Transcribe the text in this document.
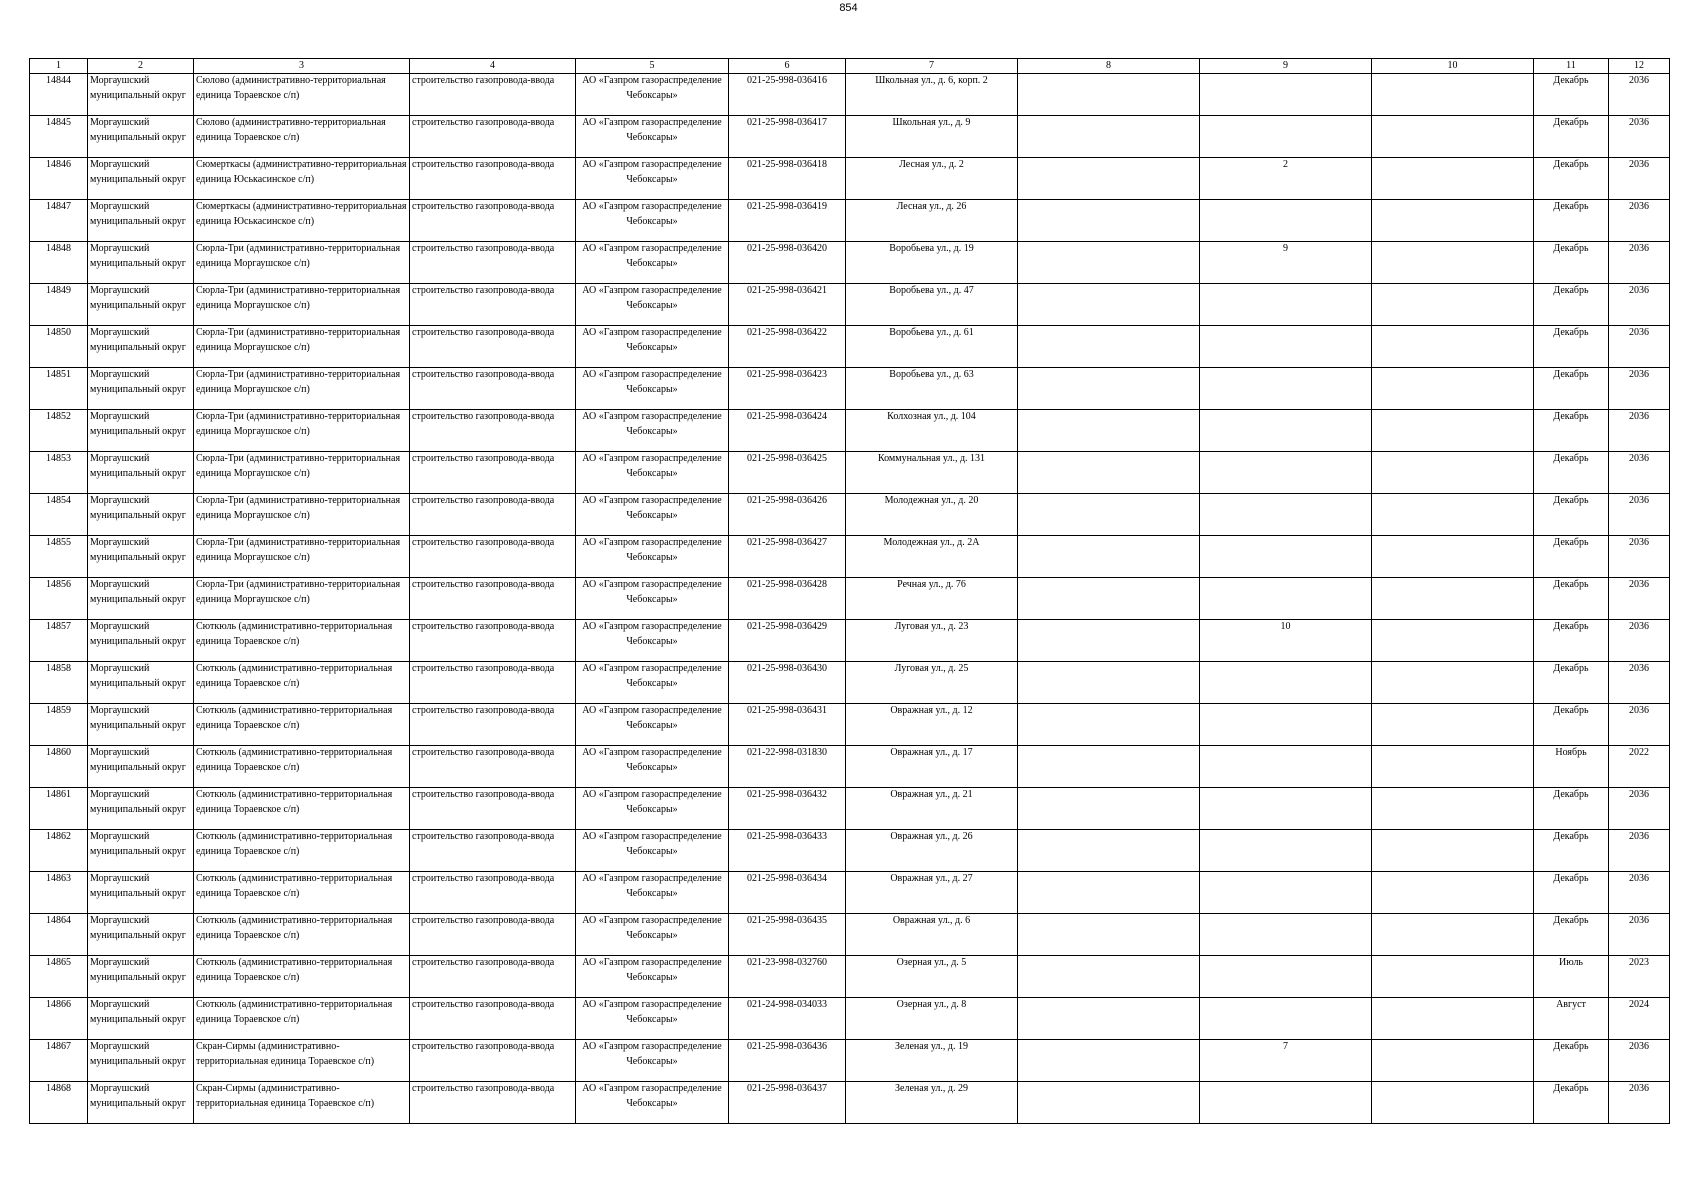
854
1	2	3	4	5	6	7	8	9	10	11	12

14844	Моргаушский муниципальный округ	Сюлово (административно-территориальная единица Тораевское с/п)	строительство газопровода-ввода	АО «Газпром газораспределение Чебоксары»	021-25-998-036416	Школьная ул., д. 6, корп. 2				Декабрь	2036

14845	Моргаушский муниципальный округ	Сюлово (административно-территориальная единица Тораевское с/п)	строительство газопровода-ввода	АО «Газпром газораспределение Чебоксары»	021-25-998-036417	Школьная ул., д. 9				Декабрь	2036

14846	Моргаушский муниципальный округ	Сюмерткасы (административно-территориальная единица Юськасинское с/п)	строительство газопровода-ввода	АО «Газпром газораспределение Чебоксары»	021-25-998-036418	Лесная ул., д. 2		2		Декабрь	2036

14847	Моргаушский муниципальный округ	Сюмерткасы (административно-территориальная единица Юськасинское с/п)	строительство газопровода-ввода	АО «Газпром газораспределение Чебоксары»	021-25-998-036419	Лесная ул., д. 26				Декабрь	2036

14848	Моргаушский муниципальный округ	Сюрла-Три (административно-территориальная единица Моргаушское с/п)	строительство газопровода-ввода	АО «Газпром газораспределение Чебоксары»	021-25-998-036420	Воробьева ул., д. 19		9		Декабрь	2036

14849	Моргаушский муниципальный округ	Сюрла-Три (административно-территориальная единица Моргаушское с/п)	строительство газопровода-ввода	АО «Газпром газораспределение Чебоксары»	021-25-998-036421	Воробьева ул., д. 47				Декабрь	2036

14850	Моргаушский муниципальный округ	Сюрла-Три (административно-территориальная единица Моргаушское с/п)	строительство газопровода-ввода	АО «Газпром газораспределение Чебоксары»	021-25-998-036422	Воробьева ул., д. 61				Декабрь	2036

14851	Моргаушский муниципальный округ	Сюрла-Три (административно-территориальная единица Моргаушское с/п)	строительство газопровода-ввода	АО «Газпром газораспределение Чебоксары»	021-25-998-036423	Воробьева ул., д. 63				Декабрь	2036

14852	Моргаушский муниципальный округ	Сюрла-Три (административно-территориальная единица Моргаушское с/п)	строительство газопровода-ввода	АО «Газпром газораспределение Чебоксары»	021-25-998-036424	Колхозная ул., д. 104				Декабрь	2036

14853	Моргаушский муниципальный округ	Сюрла-Три (административно-территориальная единица Моргаушское с/п)	строительство газопровода-ввода	АО «Газпром газораспределение Чебоксары»	021-25-998-036425	Коммунальная ул., д. 131				Декабрь	2036

14854	Моргаушский муниципальный округ	Сюрла-Три (административно-территориальная единица Моргаушское с/п)	строительство газопровода-ввода	АО «Газпром газораспределение Чебоксары»	021-25-998-036426	Молодежная ул., д. 20				Декабрь	2036

14855	Моргаушский муниципальный округ	Сюрла-Три (административно-территориальная единица Моргаушское с/п)	строительство газопровода-ввода	АО «Газпром газораспределение Чебоксары»	021-25-998-036427	Молодежная ул., д. 2А				Декабрь	2036

14856	Моргаушский муниципальный округ	Сюрла-Три (административно-территориальная единица Моргаушское с/п)	строительство газопровода-ввода	АО «Газпром газораспределение Чебоксары»	021-25-998-036428	Речная ул., д. 76				Декабрь	2036

14857	Моргаушский муниципальный округ	Сюткюль (административно-территориальная единица Тораевское с/п)	строительство газопровода-ввода	АО «Газпром газораспределение Чебоксары»	021-25-998-036429	Луговая ул., д. 23		10		Декабрь	2036

14858	Моргаушский муниципальный округ	Сюткюль (административно-территориальная единица Тораевское с/п)	строительство газопровода-ввода	АО «Газпром газораспределение Чебоксары»	021-25-998-036430	Луговая ул., д. 25				Декабрь	2036

14859	Моргаушский муниципальный округ	Сюткюль (административно-территориальная единица Тораевское с/п)	строительство газопровода-ввода	АО «Газпром газораспределение Чебоксары»	021-25-998-036431	Овражная ул., д. 12				Декабрь	2036

14860	Моргаушский муниципальный округ	Сюткюль (административно-территориальная единица Тораевское с/п)	строительство газопровода-ввода	АО «Газпром газораспределение Чебоксары»	021-22-998-031830	Овражная ул., д. 17				Ноябрь	2022

14861	Моргаушский муниципальный округ	Сюткюль (административно-территориальная единица Тораевское с/п)	строительство газопровода-ввода	АО «Газпром газораспределение Чебоксары»	021-25-998-036432	Овражная ул., д. 21				Декабрь	2036

14862	Моргаушский муниципальный округ	Сюткюль (административно-территориальная единица Тораевское с/п)	строительство газопровода-ввода	АО «Газпром газораспределение Чебоксары»	021-25-998-036433	Овражная ул., д. 26				Декабрь	2036

14863	Моргаушский муниципальный округ	Сюткюль (административно-территориальная единица Тораевское с/п)	строительство газопровода-ввода	АО «Газпром газораспределение Чебоксары»	021-25-998-036434	Овражная ул., д. 27				Декабрь	2036

14864	Моргаушский муниципальный округ	Сюткюль (административно-территориальная единица Тораевское с/п)	строительство газопровода-ввода	АО «Газпром газораспределение Чебоксары»	021-25-998-036435	Овражная ул., д. 6				Декабрь	2036

14865	Моргаушский муниципальный округ	Сюткюль (административно-территориальная единица Тораевское с/п)	строительство газопровода-ввода	АО «Газпром газораспределение Чебоксары»	021-23-998-032760	Озерная ул., д. 5				Июль	2023

14866	Моргаушский муниципальный округ	Сюткюль (административно-территориальная единица Тораевское с/п)	строительство газопровода-ввода	АО «Газпром газораспределение Чебоксары»	021-24-998-034033	Озерная ул., д. 8				Август	2024

14867	Моргаушский муниципальный округ	Скран-Сирмы (административно-территориальная единица Тораевское с/п)	строительство газопровода-ввода	АО «Газпром газораспределение Чебоксары»	021-25-998-036436	Зеленая ул., д. 19		7		Декабрь	2036

14868	Моргаушский муниципальный округ	Скран-Сирмы (административно-территориальная единица Тораевское с/п)	строительство газопровода-ввода	АО «Газпром газораспределение Чебоксары»	021-25-998-036437	Зеленая ул., д. 29				Декабрь	2036
